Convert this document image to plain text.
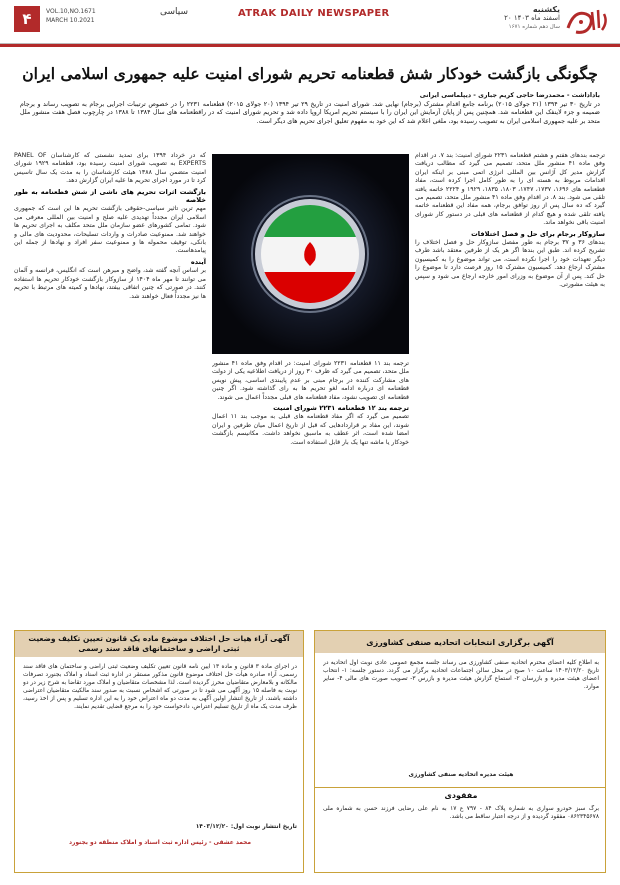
۴	VOL.10,NO.1671
MARCH 10.2021
سیاسی	ATRAK DAILY NEWSPAPER	یکشنبه
۲۰ اسفند ماه ۱۴۰۳
سال دهم شماره ۱۶۷۱
چگونگی بازگشت خودکار شش قطعنامه تحریم شورای امنیت علیه جمهوری اسلامی ایران
باداداشت - محمدرضا حاجی کریم جباری - دیپلماسی ایرانی
در تاریخ ۳۰ تیر ۱۳۹۴ (۲۱ جولای ۲۰۱۵) برنامه جامع اقدام مشترک (برجام) نهایی شد. شورای امنیت در تاریخ ۲۹ تیر ۱۳۹۴ (۲۰ جولای ۲۰۱۵) قطعنامه ۲۲۳۱ را در خصوص ترتیبات اجرایی برجام به تصویب رساند و برجام ضمیمه و جزء لاینفک این قطعنامه شد. همچنین پس از پایان آزمایش این ایران را با سیستم تحریم امریکا اروپا داده شد و تحریم شورای امنیت که در راقطعنامه های سال ۱۳۸۴ تا ۱۳۸۸ در چارچوب فصل هفت منشور ملل متحد بر علیه جمهوری اسلامی ایران به تصویب رسیده بود، ملغی اعلام شد که این خود به مفهوم تعلیق اجرای تحریم های دیگر است.
ترجمه بندهای هفتم و هشتم قطعنامه ۲۲۳۱ شورای امنیت: بند ۷. در اقدام وفق ماده ۴۱ منشور ملل متحد، تصمیم می گیرد که مطالب دریافت گزارش مدیر کل آژانس بین المللی انرژی اتمی مبنی بر اینکه ایران اقدامات مربوط به هسته ای را به طور کامل اجرا کرده است، مفاد قطعنامه های ۱۶۹۶، ۱۷۳۷، ۱۷۴۷، ۱۸۰۳، ۱۸۳۵، ۱۹۲۹ و ۲۲۲۴ خاتمه یافته تلقی می شود. بند ۸. در اقدام وفق ماده ۴۱ منشور ملل متحد، تصمیم می گیرد که ده سال پس از روز توافق برجام، همه مفاد این قطعنامه خاتمه یافته تلقی شده و هیچ کدام از قطعنامه های قبلی در دستور کار شورای امنیت باقی نخواهد ماند.
سازوکار برجام برای حل و فصل اختلافات
بندهای ۳۶ و ۳۷ برجام به طور مفصل سازوکار حل و فصل اختلاف را تشریح کرده اند. طبق این بندها اگر هر یک از طرفین معتقد باشد طرف دیگر تعهدات خود را اجرا نکرده است، می تواند موضوع را به کمیسیون مشترک ارجاع دهد. کمیسیون مشترک ۱۵ روز فرصت دارد تا موضوع را حل کند. پس از آن موضوع به وزرای امور خارجه ارجاع می شود و سپس به هیئت مشورتی.
ترجمه بند ۱۱ قطعنامه ۲۲۳۱ شورای امنیت: در اقدام وفق ماده ۴۱ منشور ملل متحد، تصمیم می گیرد که ظرف ۳۰ روز از دریافت اطلاعیه یکی از دولت های مشارکت کننده در برجام مبنی بر عدم پایبندی اساسی، پیش نویس قطعنامه ای درباره ادامه لغو تحریم ها به رای گذاشته شود. اگر چنین قطعنامه ای تصویب نشود، مفاد قطعنامه های قبلی مجدداً اعمال می شوند.
ترجمه بند ۱۲ قطعنامه ۲۲۳۱ شورای امنیت
تصمیم می گیرد که اگر مفاد قطعنامه های قبلی به موجب بند ۱۱ اعمال شوند، این مفاد بر قراردادهایی که قبل از تاریخ اعمال میان طرفین و ایران امضا شده است، اثر عطف به ماسبق نخواهد داشت. مکانیسم بازگشت خودکار یا ماشه تنها یک بار قابل استفاده است.
که در خرداد ۱۳۹۴ برای تمدید نشستی که کارشناسان PANEL OF EXPERTS به تصویب شورای امنیت رسیده بود، قطعنامه ۱۹۲۹ شورای امنیت متضمن سال ۱۳۸۸ هیئت کارشناسان را به مدت یک سال تاسیس کرد تا در مورد اجرای تحریم ها علیه ایران گزارش دهد.
بازگشت اثرات تحریم های ناشی از شش قطعنامه به طور خلاصه
مهم ترین تاثیر سیاسی-حقوقی بازگشت تحریم ها این است که جمهوری اسلامی ایران مجدداً تهدیدی علیه صلح و امنیت بین المللی معرفی می شود. تمامی کشورهای عضو سازمان ملل متحد مکلف به اجرای تحریم ها خواهند شد. ممنوعیت صادرات و واردات تسلیحات، محدودیت های مالی و بانکی، توقیف محموله ها و ممنوعیت سفر افراد و نهادها از جمله این پیامدهاست.
آینده
بر اساس آنچه گفته شد، واضح و مبرهن است که انگلیس، فرانسه و آلمان می توانند تا مهر ماه ۱۴۰۴ از سازوکار بازگشت خودکار تحریم ها استفاده کنند. در صورتی که چنین اتفاقی بیفتد، نهادها و کمیته های مرتبط با تحریم ها نیز مجدداً فعال خواهند شد.
آگهی آراء هیات حل اختلاف موضوع ماده یک قانون تعیین تکلیف وضعیت ثبتی اراضی و ساختمانهای فاقد سند رسمی
در اجرای ماده ۳ قانون و ماده ۱۳ آیین نامه قانون تعیین تکلیف وضعیت ثبتی اراضی و ساختمان های فاقد سند رسمی، آراء صادره هیأت حل اختلاف موضوع قانون مذکور مستقر در اداره ثبت اسناد و املاک بجنورد تصرفات مالکانه و بلامعارض متقاضیان محرز گردیده است. لذا مشخصات متقاضیان و املاک مورد تقاضا به شرح زیر در دو نوبت به فاصله ۱۵ روز آگهی می شود تا در صورتی که اشخاص نسبت به صدور سند مالکیت متقاضیان اعتراضی داشته باشند، از تاریخ انتشار اولین آگهی به مدت دو ماه اعتراض خود را به این اداره تسلیم و پس از اخذ رسید، ظرف مدت یک ماه از تاریخ تسلیم اعتراض، دادخواست خود را به مرجع قضایی تقدیم نمایند.
تاریخ انتشار نوبت اول: ۱۴۰۳/۱۲/۲۰
محمد عشقی - رئیس اداره ثبت اسناد و املاک منطقه دو بجنورد
آگهی برگزاری انتخابات اتحادیه صنفی کشاورزی
به اطلاع کلیه اعضای محترم اتحادیه صنفی کشاورزی می رساند جلسه مجمع عمومی عادی نوبت اول اتحادیه در تاریخ ۱۴۰۳/۱۲/۲۰ ساعت ۱۰ صبح در محل سالن اجتماعات اتحادیه برگزار می گردد. دستور جلسه: ۱- انتخاب اعضای هیئت مدیره و بازرسان ۲- استماع گزارش هیئت مدیره و بازرس ۳- تصویب صورت های مالی ۴- سایر موارد.
هیئت مدیره اتحادیه صنفی کشاورزی
مفقودی
برگ سبز خودرو سواری به شماره پلاک ۸۴ - ۷۹۷ ع ۱۷ به نام علی رضایی فرزند حسن به شماره ملی ۰۸۶۲۳۴۵۶۷۸ مفقود گردیده و از درجه اعتبار ساقط می باشد.
